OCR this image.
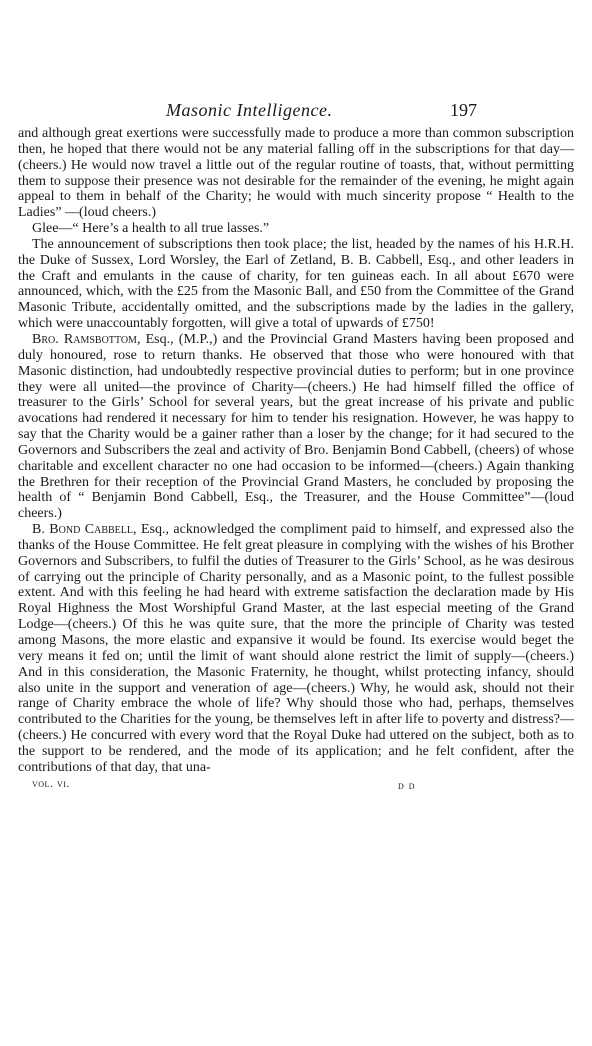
Masonic Intelligence.	197

and although great exertions were successfully made to produce a more than common subscription then, he hoped that there would not be any material falling off in the subscriptions for that day—(cheers.) He would now travel a little out of the regular routine of toasts, that, without permitting them to suppose their presence was not desirable for the remainder of the evening, he might again appeal to them in behalf of the Charity; he would with much sincerity propose “ Health to the Ladies” —(loud cheers.)

Glee—“ Here’s a health to all true lasses.”

The announcement of subscriptions then took place; the list, headed by the names of his H.R.H. the Duke of Sussex, Lord Worsley, the Earl of Zetland, B. B. Cabbell, Esq., and other leaders in the Craft and emulants in the cause of charity, for ten guineas each. In all about £670 were announced, which, with the £25 from the Masonic Ball, and £50 from the Committee of the Grand Masonic Tribute, accidentally omitted, and the subscriptions made by the ladies in the gallery, which were unaccountably forgotten, will give a total of upwards of £750!

Bro. Ramsbottom, Esq., (M.P.,) and the Provincial Grand Masters having been proposed and duly honoured, rose to return thanks. He observed that those who were honoured with that Masonic distinction, had undoubtedly respective provincial duties to perform; but in one province they were all united—the province of Charity—(cheers.) He had himself filled the office of treasurer to the Girls’ School for several years, but the great increase of his private and public avocations had rendered it necessary for him to tender his resignation. However, he was happy to say that the Charity would be a gainer rather than a loser by the change; for it had secured to the Governors and Subscribers the zeal and activity of Bro. Benjamin Bond Cabbell, (cheers) of whose charitable and excellent character no one had occasion to be informed—(cheers.) Again thanking the Brethren for their reception of the Provincial Grand Masters, he concluded by proposing the health of “ Benjamin Bond Cabbell, Esq., the Treasurer, and the House Committee”—(loud cheers.)

B. Bond Cabbell, Esq., acknowledged the compliment paid to himself, and expressed also the thanks of the House Committee. He felt great pleasure in complying with the wishes of his Brother Governors and Subscribers, to fulfil the duties of Treasurer to the Girls’ School, as he was desirous of carrying out the principle of Charity personally, and as a Masonic point, to the fullest possible extent. And with this feeling he had heard with extreme satisfaction the declaration made by His Royal Highness the Most Worshipful Grand Master, at the last especial meeting of the Grand Lodge—(cheers.) Of this he was quite sure, that the more the principle of Charity was tested among Masons, the more elastic and expansive it would be found. Its exercise would beget the very means it fed on; until the limit of want should alone restrict the limit of supply—(cheers.) And in this consideration, the Masonic Fraternity, he thought, whilst protecting infancy, should also unite in the support and veneration of age—(cheers.) Why, he would ask, should not their range of Charity embrace the whole of life? Why should those who had, perhaps, themselves contributed to the Charities for the young, be themselves left in after life to poverty and distress?—(cheers.) He concurred with every word that the Royal Duke had uttered on the subject, both as to the support to be rendered, and the mode of its application; and he felt confident, after the contributions of that day, that una-

vol. vi.	d d
